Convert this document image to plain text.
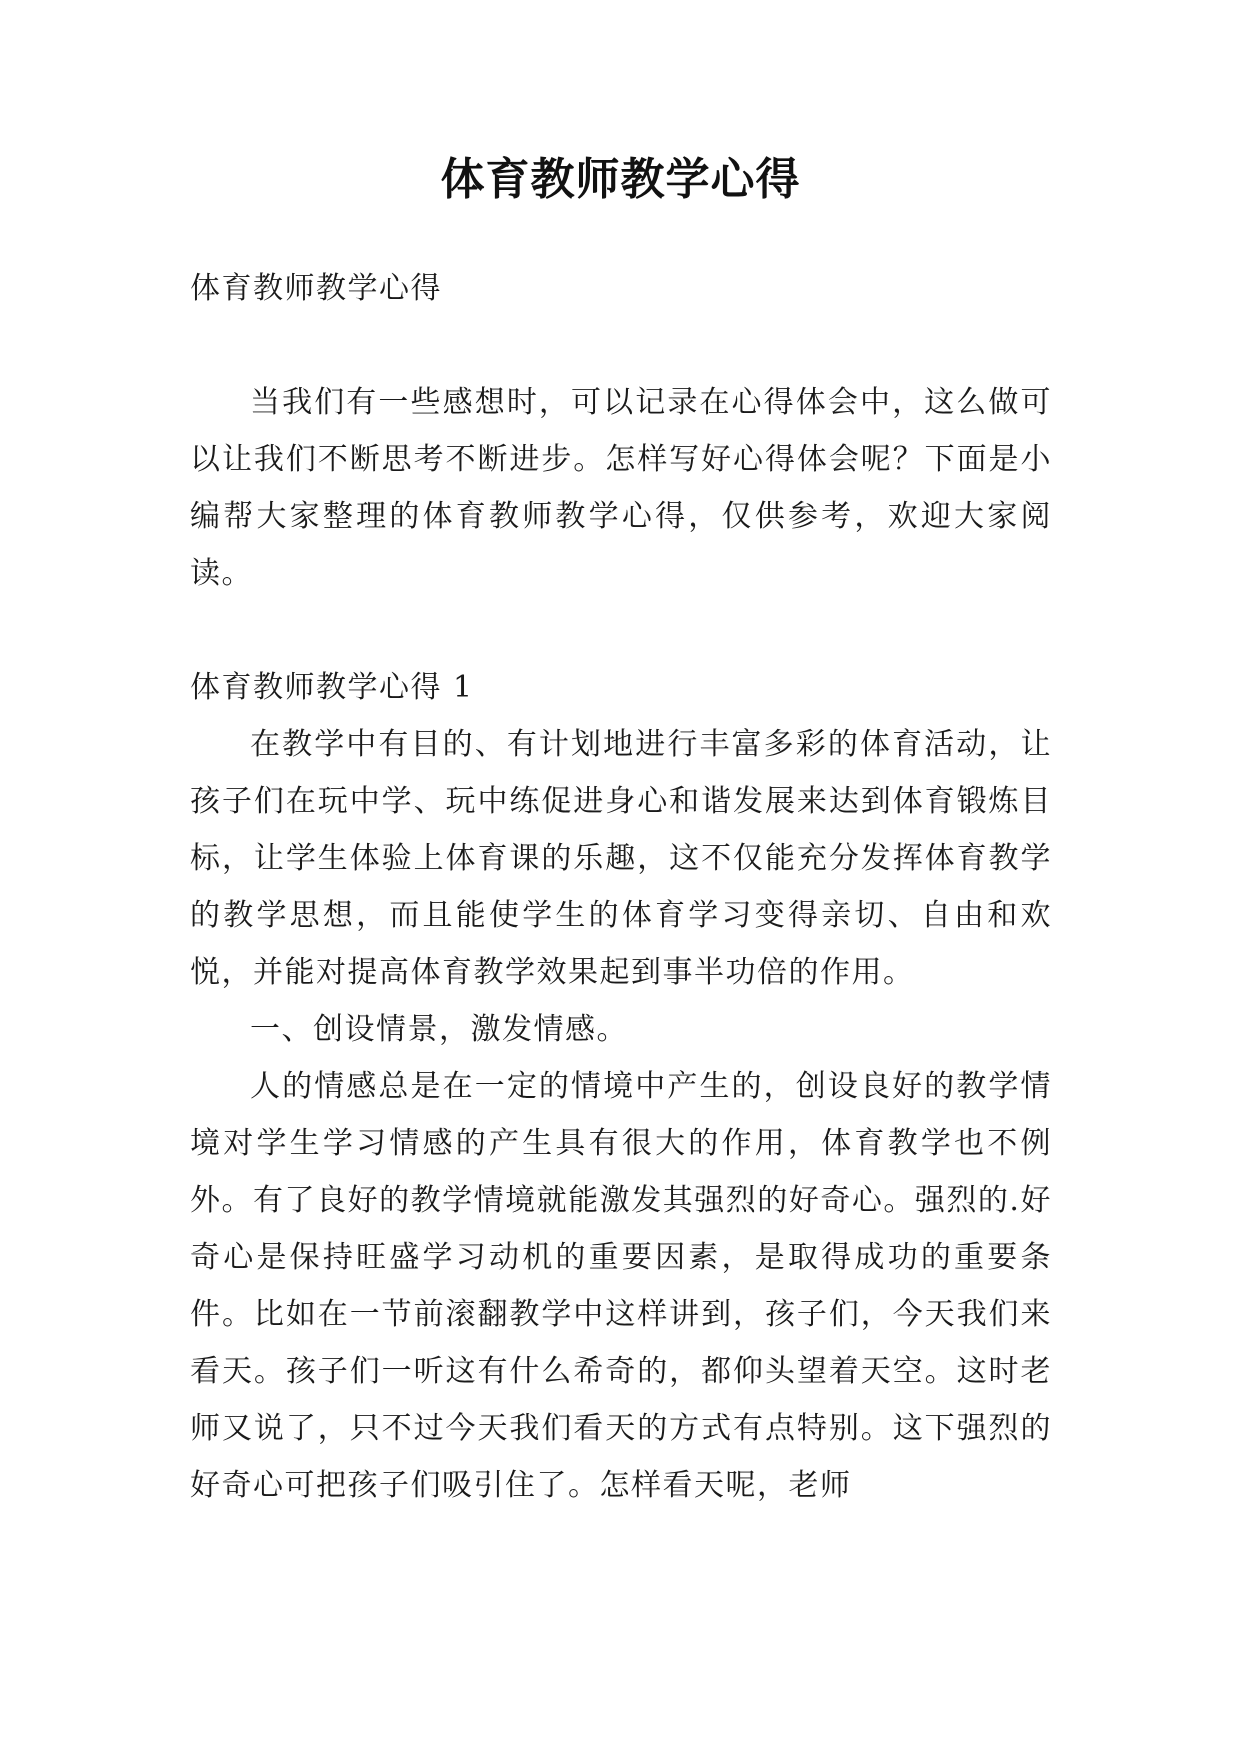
体育教师教学心得

体育教师教学心得

当我们有一些感想时，可以记录在心得体会中，这么做可以让我们不断思考不断进步。怎样写好心得体会呢？下面是小编帮大家整理的体育教师教学心得，仅供参考，欢迎大家阅读。

体育教师教学心得 1

在教学中有目的、有计划地进行丰富多彩的体育活动，让孩子们在玩中学、玩中练促进身心和谐发展来达到体育锻炼目标，让学生体验上体育课的乐趣，这不仅能充分发挥体育教学的教学思想，而且能使学生的体育学习变得亲切、自由和欢悦，并能对提高体育教学效果起到事半功倍的作用。

一、创设情景，激发情感。

人的情感总是在一定的情境中产生的，创设良好的教学情境对学生学习情感的产生具有很大的作用，体育教学也不例外。有了良好的教学情境就能激发其强烈的好奇心。强烈的.好奇心是保持旺盛学习动机的重要因素，是取得成功的重要条件。比如在一节前滚翻教学中这样讲到，孩子们，今天我们来看天。孩子们一听这有什么希奇的，都仰头望着天空。这时老师又说了，只不过今天我们看天的方式有点特别。这下强烈的好奇心可把孩子们吸引住了。怎样看天呢，老师
